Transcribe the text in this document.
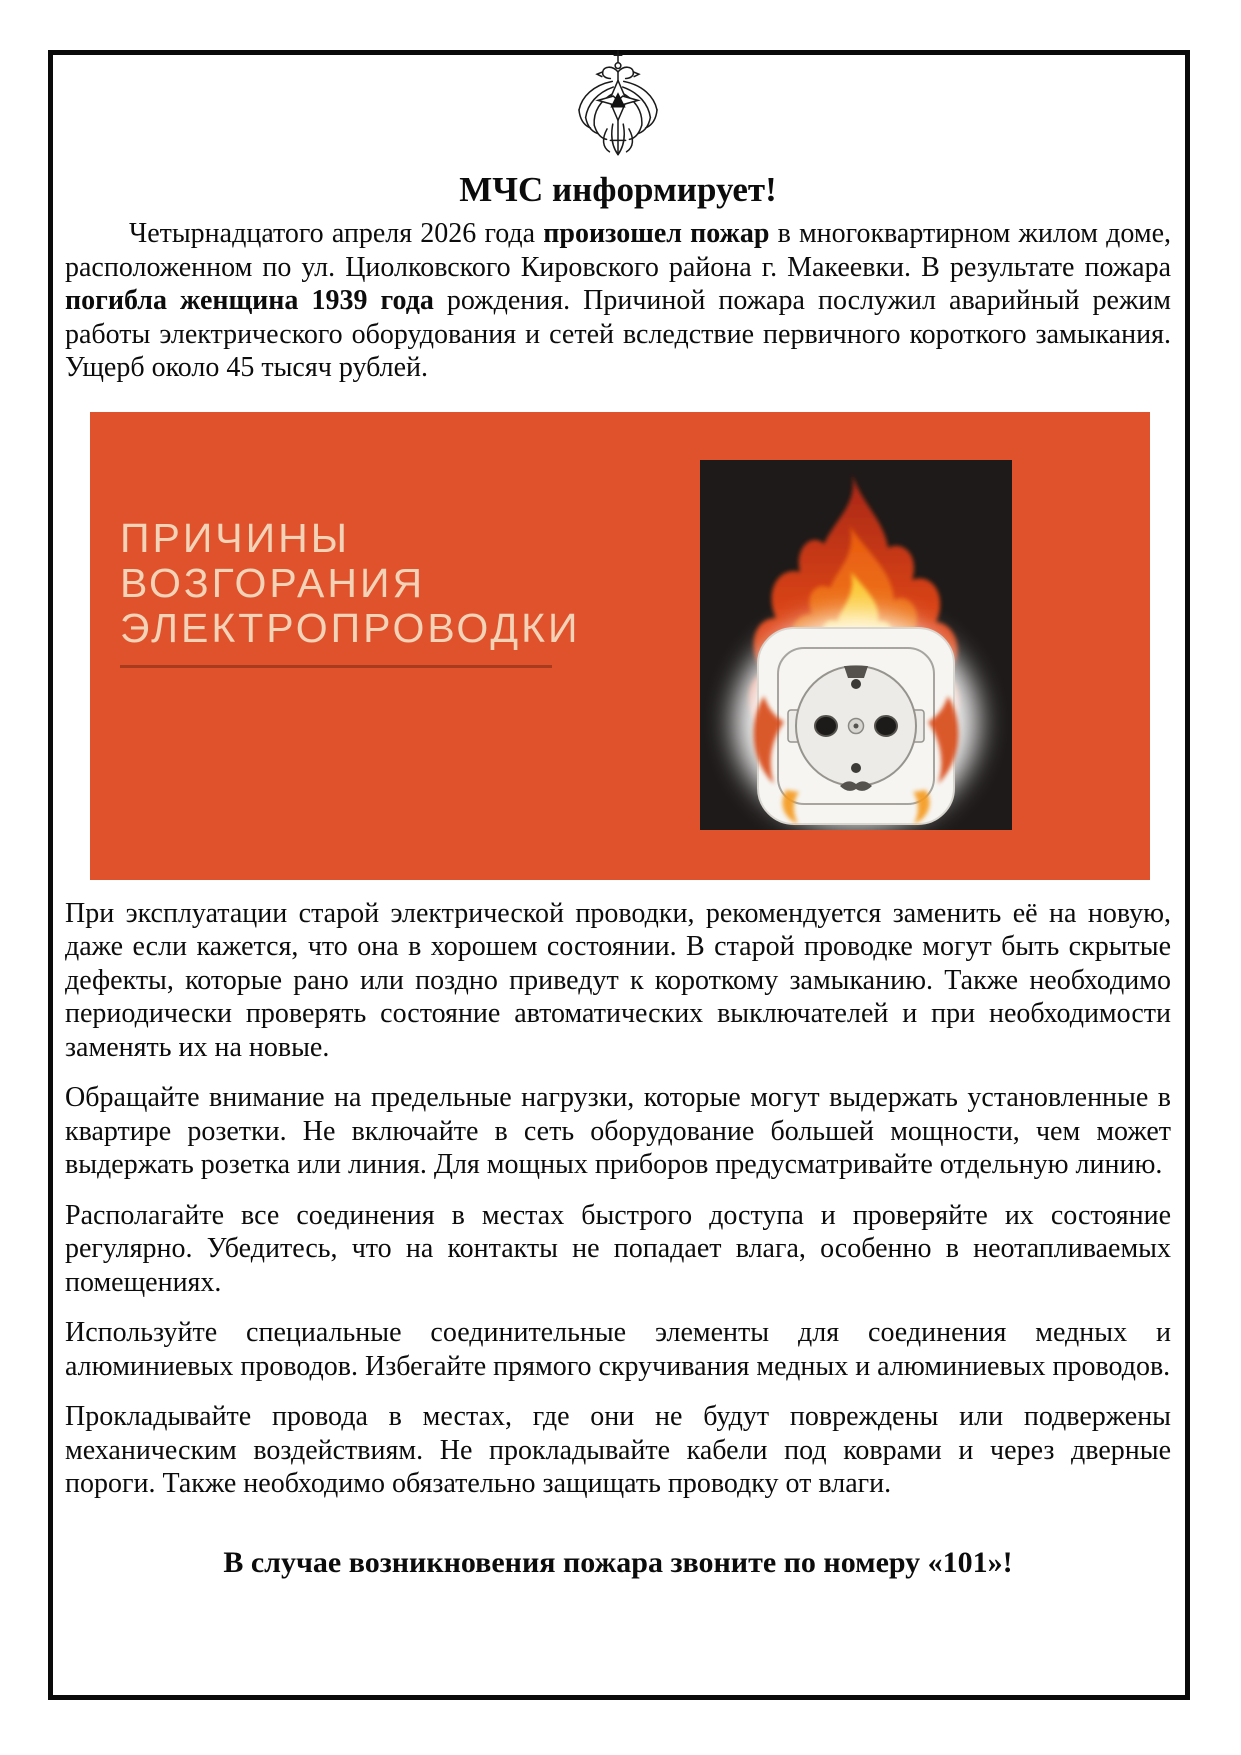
МЧС информирует!

Четырнадцатого апреля 2026 года произошел пожар в многоквартирном жилом доме, расположенном по ул. Циолковского Кировского района г. Макеевки. В результате пожара погибла женщина 1939 года рождения. Причиной пожара послужил аварийный режим работы электрического оборудования и сетей вследствие первичного короткого замыкания. Ущерб около 45 тысяч рублей.

ПРИЧИНЫ
ВОЗГОРАНИЯ
ЭЛЕКТРОПРОВОДКИ

При эксплуатации старой электрической проводки, рекомендуется заменить её на новую, даже если кажется, что она в хорошем состоянии. В старой проводке могут быть скрытые дефекты, которые рано или поздно приведут к короткому замыканию. Также необходимо периодически проверять состояние автоматических выключателей и при необходимости заменять их на новые.

Обращайте внимание на предельные нагрузки, которые могут выдержать установленные в квартире розетки. Не включайте в сеть оборудование большей мощности, чем может выдержать розетка или линия. Для мощных приборов предусматривайте отдельную линию.

Располагайте все соединения в местах быстрого доступа и проверяйте их состояние регулярно. Убедитесь, что на контакты не попадает влага, особенно в неотапливаемых помещениях.

Используйте специальные соединительные элементы для соединения медных и алюминиевых проводов. Избегайте прямого скручивания медных и алюминиевых проводов.

Прокладывайте провода в местах, где они не будут повреждены или подвержены механическим воздействиям. Не прокладывайте кабели под коврами и через дверные пороги. Также необходимо обязательно защищать проводку от влаги.

В случае возникновения пожара звоните по номеру «101»!
